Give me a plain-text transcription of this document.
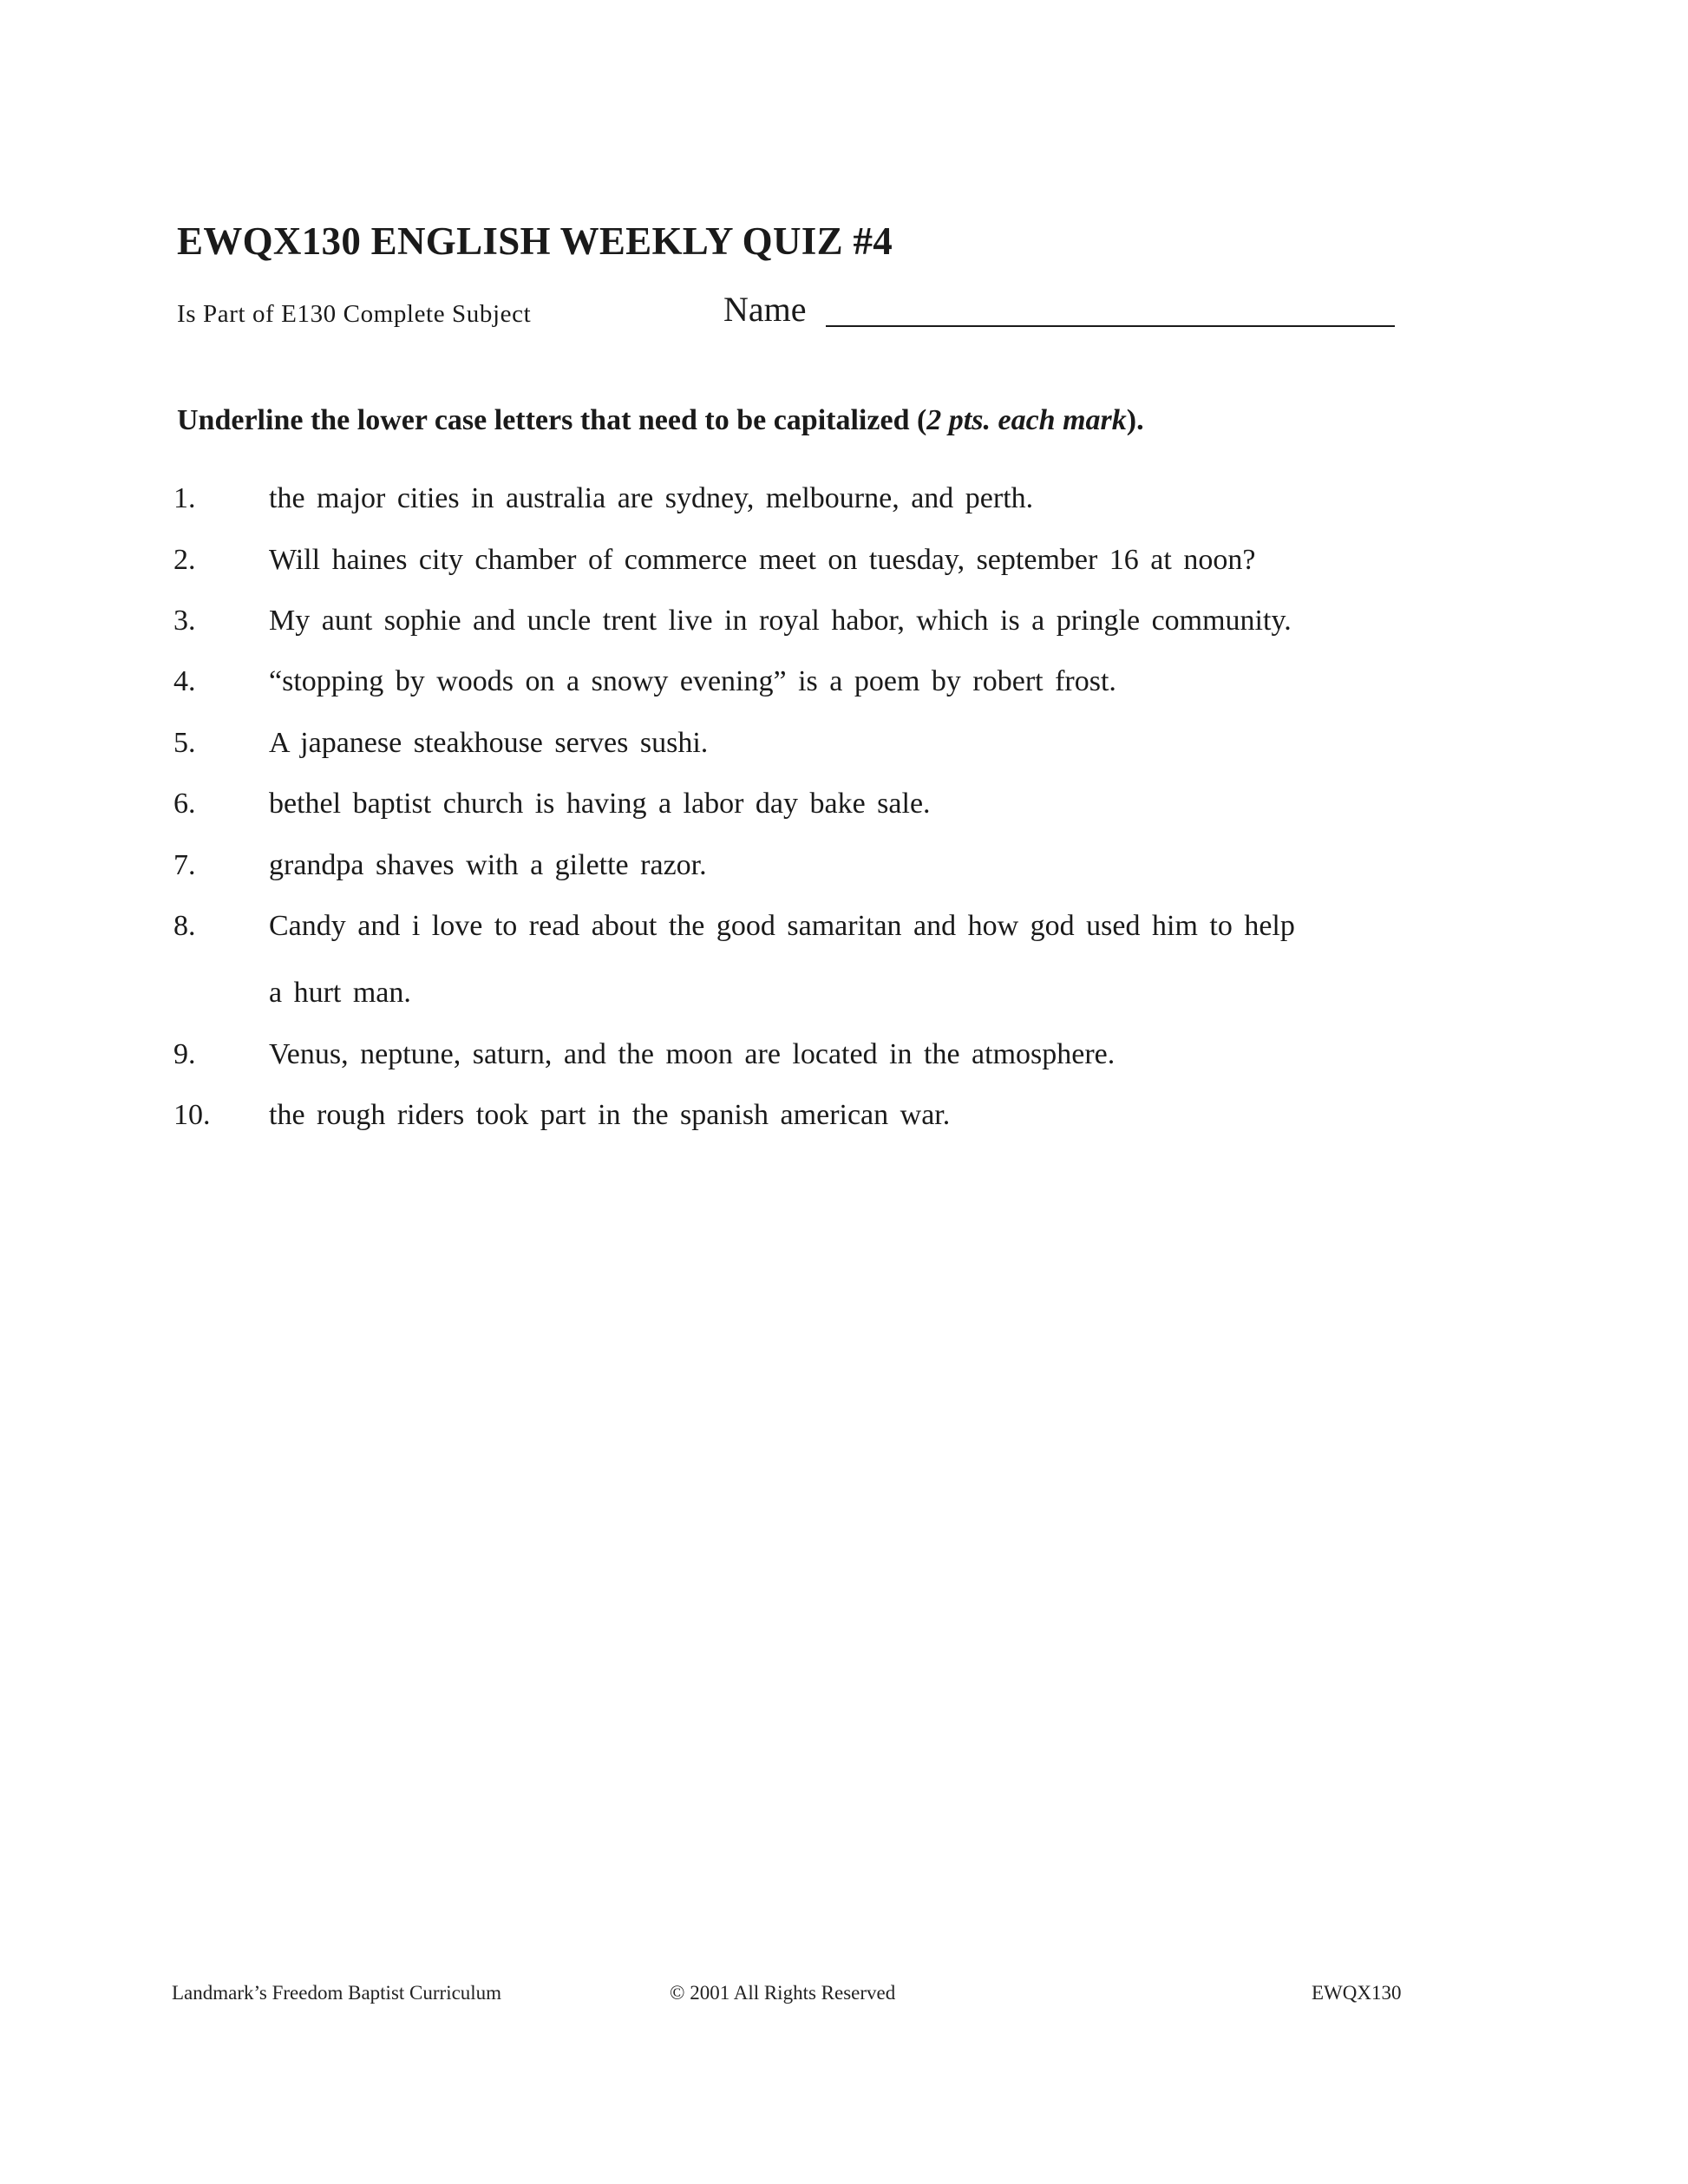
EWQX130 ENGLISH WEEKLY QUIZ #4
Is Part of E130 Complete Subject	Name
Underline the lower case letters that need to be capitalized (2 pts. each mark).
1. the major cities in australia are sydney, melbourne, and perth.
2. Will haines city chamber of commerce meet on tuesday, september 16 at noon?
3. My aunt sophie and uncle trent live in royal habor, which is a pringle community.
4. “stopping by woods on a snowy evening” is a poem by robert frost.
5. A japanese steakhouse serves sushi.
6. bethel baptist church is having a labor day bake sale.
7. grandpa shaves with a gilette razor.
8. Candy and i love to read about the good samaritan and how god used him to help
a hurt man.
9. Venus, neptune, saturn, and the moon are located in the atmosphere.
10. the rough riders took part in the spanish american war.
Landmark’s Freedom Baptist Curriculum	© 2001 All Rights Reserved	EWQX130
